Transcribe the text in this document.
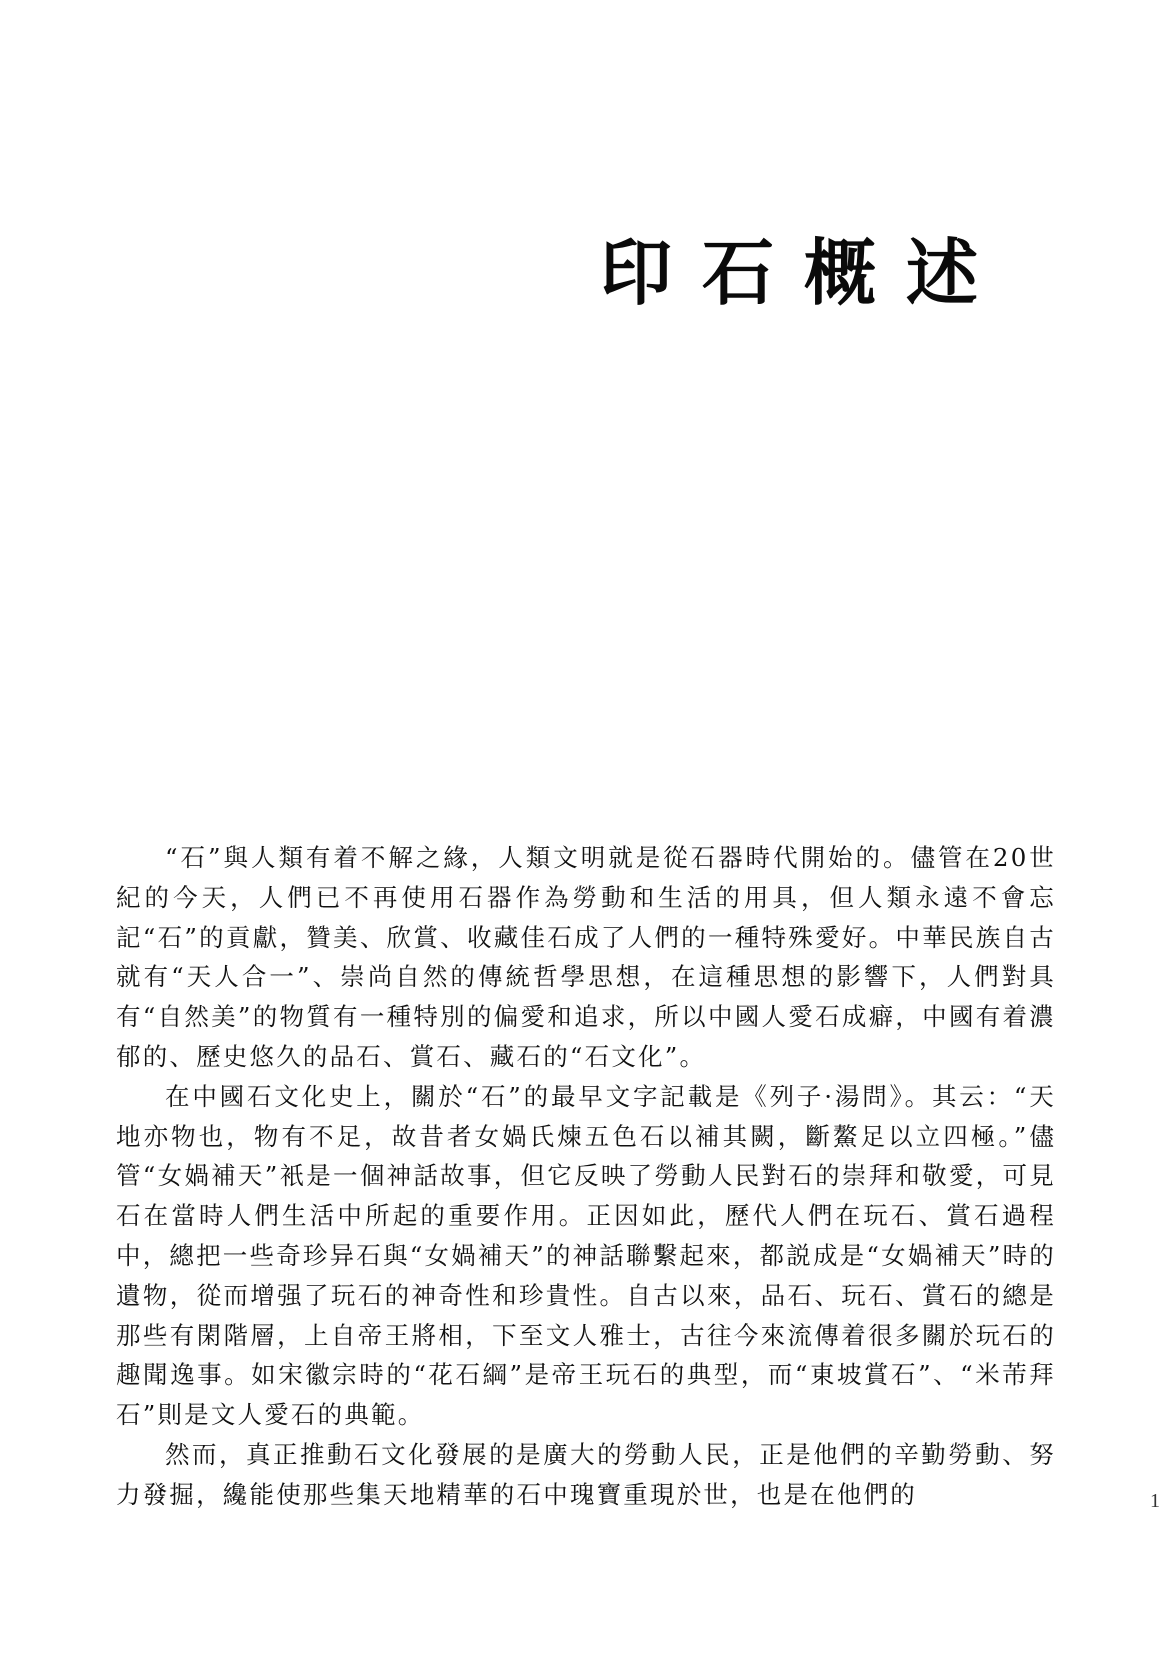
印石概述

“石”與人類有着不解之緣，人類文明就是從石器時代開始的。儘管在20世紀的今天，人們已不再使用石器作為勞動和生活的用具，但人類永遠不會忘記“石”的貢獻，贊美、欣賞、收藏佳石成了人們的一種特殊愛好。中華民族自古就有“天人合一”、崇尚自然的傳統哲學思想，在這種思想的影響下，人們對具有“自然美”的物質有一種特別的偏愛和追求，所以中國人愛石成癖，中國有着濃郁的、歷史悠久的品石、賞石、藏石的“石文化”。

在中國石文化史上，關於“石”的最早文字記載是《列子·湯問》。其云：“天地亦物也，物有不足，故昔者女媧氏煉五色石以補其闕，斷鰲足以立四極。”儘管“女媧補天”衹是一個神話故事，但它反映了勞動人民對石的崇拜和敬愛，可見石在當時人們生活中所起的重要作用。正因如此，歷代人們在玩石、賞石過程中，總把一些奇珍异石與“女媧補天”的神話聯繫起來，都説成是“女媧補天”時的遺物，從而增强了玩石的神奇性和珍貴性。自古以來，品石、玩石、賞石的總是那些有閑階層，上自帝王將相，下至文人雅士，古往今來流傳着很多關於玩石的趣聞逸事。如宋徽宗時的“花石綱”是帝王玩石的典型，而“東坡賞石”、“米芾拜石”則是文人愛石的典範。

然而，真正推動石文化發展的是廣大的勞動人民，正是他們的辛勤勞動、努力發掘，纔能使那些集天地精華的石中瑰寶重現於世，也是在他們的	1
